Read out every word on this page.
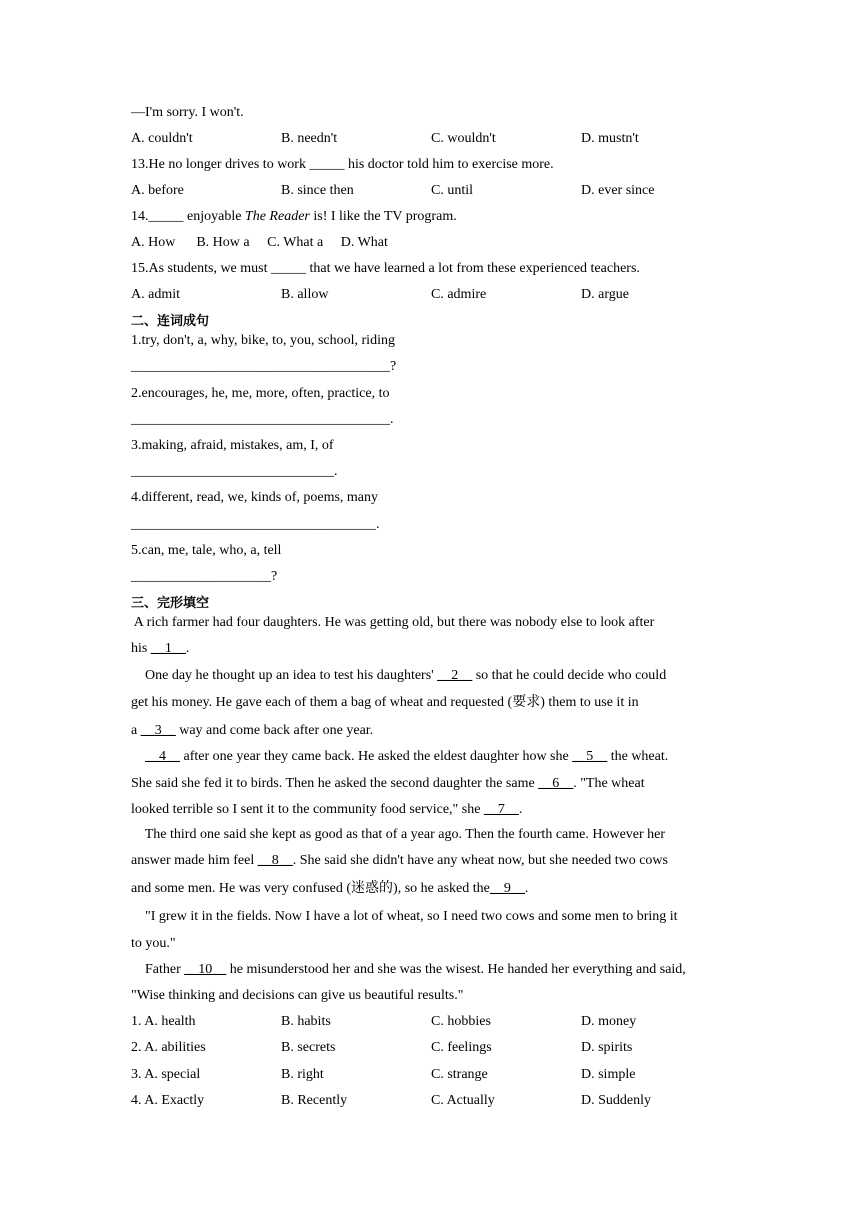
—I'm sorry. I won't.
A. couldn't	B. needn't	C. wouldn't	D. mustn't
13.He no longer drives to work _____ his doctor told him to exercise more.
A. before	B. since then	C. until	D. ever since
14._____ enjoyable The Reader is! I like the TV program.
A. How      B. How a     C. What a     D. What
15.As students, we must _____ that we have learned a lot from these experienced teachers.
A. admit	B. allow	C. admire	D. argue
二、连词成句
1.try, don't, a, why, bike, to, you, school, riding
_____________________________________?
2.encourages, he, me, more, often, practice, to
_____________________________________.
3.making, afraid, mistakes, am, I, of
_____________________________.
4.different, read, we, kinds of, poems, many
___________________________________.
5.can, me, tale, who, a, tell
____________________?
三、完形填空
A rich farmer had four daughters. He was getting old, but there was nobody else to look after
his __1__.
One day he thought up an idea to test his daughters' __2__ so that he could decide who could
get his money. He gave each of them a bag of wheat and requested (要求) them to use it in
a __3__ way and come back after one year.
__4__ after one year they came back. He asked the eldest daughter how she __5__ the wheat.
She said she fed it to birds. Then he asked the second daughter the same __6__. "The wheat
looked terrible so I sent it to the community food service," she __7__.
The third one said she kept as good as that of a year ago. Then the fourth came. However her
answer made him feel __8__. She said she didn't have any wheat now, but she needed two cows
and some men. He was very confused (迷惑的), so he asked the__9__.
"I grew it in the fields. Now I have a lot of wheat, so I need two cows and some men to bring it
to you."
Father __10__ he misunderstood her and she was the wisest. He handed her everything and said,
"Wise thinking and decisions can give us beautiful results."
1. A. health	B. habits	C. hobbies	D. money
2. A. abilities	B. secrets	C. feelings	D. spirits
3. A. special	B. right	C. strange	D. simple
4. A. Exactly	B. Recently	C. Actually	D. Suddenly
